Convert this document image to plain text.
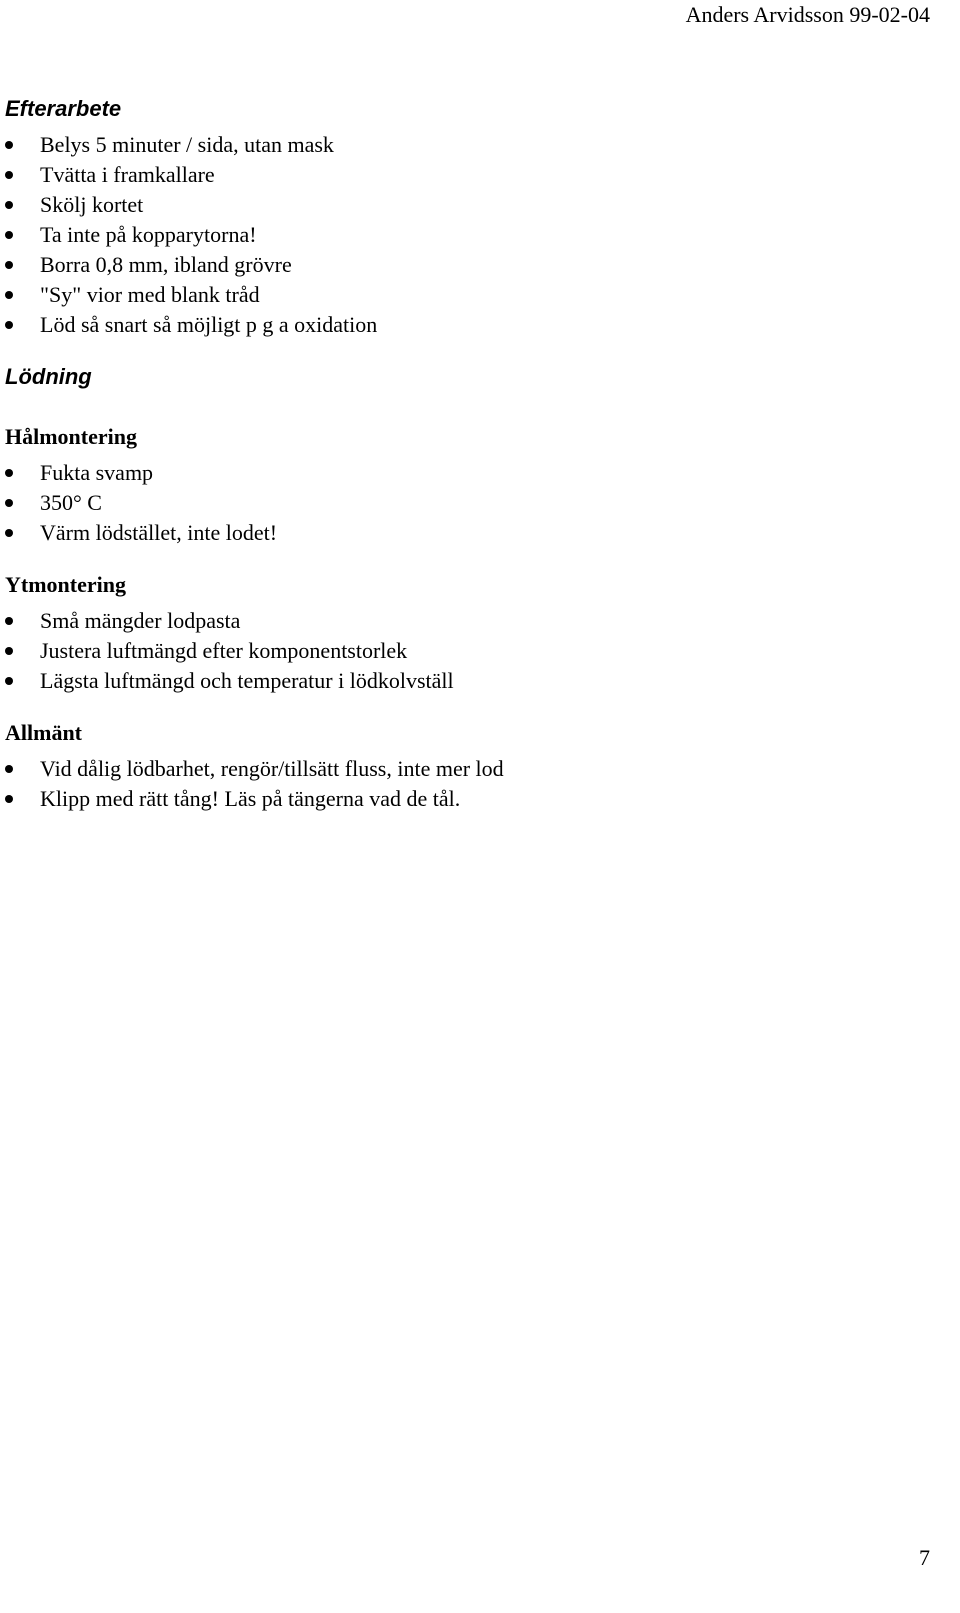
Anders Arvidsson 99-02-04
Efterarbete
Belys 5 minuter / sida, utan mask
Tvätta i framkallare
Skölj kortet
Ta inte på kopparytorna!
Borra 0,8 mm, ibland grövre
"Sy" vior med blank tråd
Löd så snart så möjligt p g a oxidation
Lödning
Hålmontering
Fukta svamp
350° C
Värm lödstället, inte lodet!
Ytmontering
Små mängder lodpasta
Justera luftmängd efter komponentstorlek
Lägsta luftmängd och temperatur i lödkolvställ
Allmänt
Vid dålig lödbarhet, rengör/tillsätt fluss, inte mer lod
Klipp med rätt tång! Läs på tängerna vad de tål.
7
